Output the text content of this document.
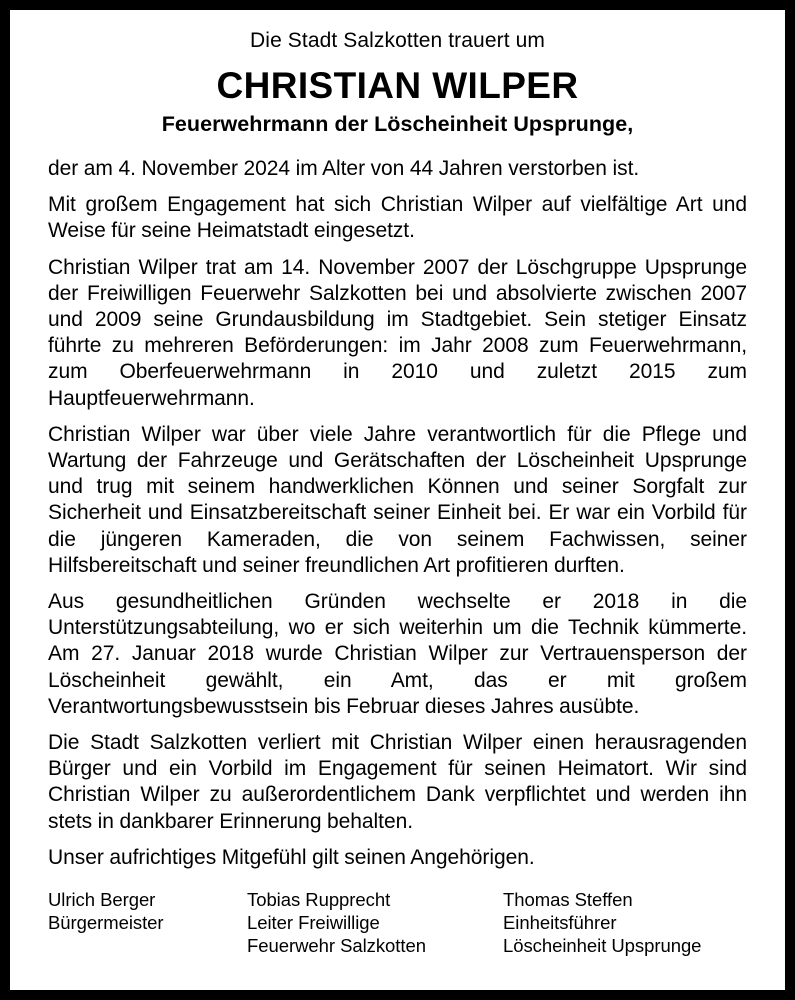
Die Stadt Salzkotten trauert um
CHRISTIAN WILPER
Feuerwehrmann der Löscheinheit Upsprunge,

der am 4. November 2024 im Alter von 44 Jahren verstorben ist.

Mit großem Engagement hat sich Christian Wilper auf vielfältige Art und Weise für seine Heimatstadt eingesetzt.

Christian Wilper trat am 14. November 2007 der Löschgruppe Upsprunge der Freiwilligen Feuerwehr Salzkotten bei und absolvierte zwischen 2007 und 2009 seine Grundausbildung im Stadtgebiet. Sein stetiger Einsatz führte zu mehreren Beförderungen: im Jahr 2008 zum Feuerwehrmann, zum Oberfeuerwehrmann in 2010 und zuletzt 2015 zum Hauptfeuerwehrmann.

Christian Wilper war über viele Jahre verantwortlich für die Pflege und Wartung der Fahrzeuge und Gerätschaften der Löscheinheit Upsprunge und trug mit seinem handwerklichen Können und seiner Sorgfalt zur Sicherheit und Einsatzbereitschaft seiner Einheit bei. Er war ein Vorbild für die jüngeren Kameraden, die von seinem Fachwissen, seiner Hilfsbereitschaft und seiner freundlichen Art profitieren durften.

Aus gesundheitlichen Gründen wechselte er 2018 in die Unterstützungsabteilung, wo er sich weiterhin um die Technik kümmerte. Am 27. Januar 2018 wurde Christian Wilper zur Vertrauensperson der Löscheinheit gewählt, ein Amt, das er mit großem Verantwortungsbewusstsein bis Februar dieses Jahres ausübte.

Die Stadt Salzkotten verliert mit Christian Wilper einen herausragenden Bürger und ein Vorbild im Engagement für seinen Heimatort. Wir sind Christian Wilper zu außerordentlichem Dank verpflichtet und werden ihn stets in dankbarer Erinnerung behalten.

Unser aufrichtiges Mitgefühl gilt seinen Angehörigen.

Ulrich Berger
Bürgermeister
Tobias Rupprecht
Leiter Freiwillige
Feuerwehr Salzkotten
Thomas Steffen
Einheitsführer
Löscheinheit Upsprunge
